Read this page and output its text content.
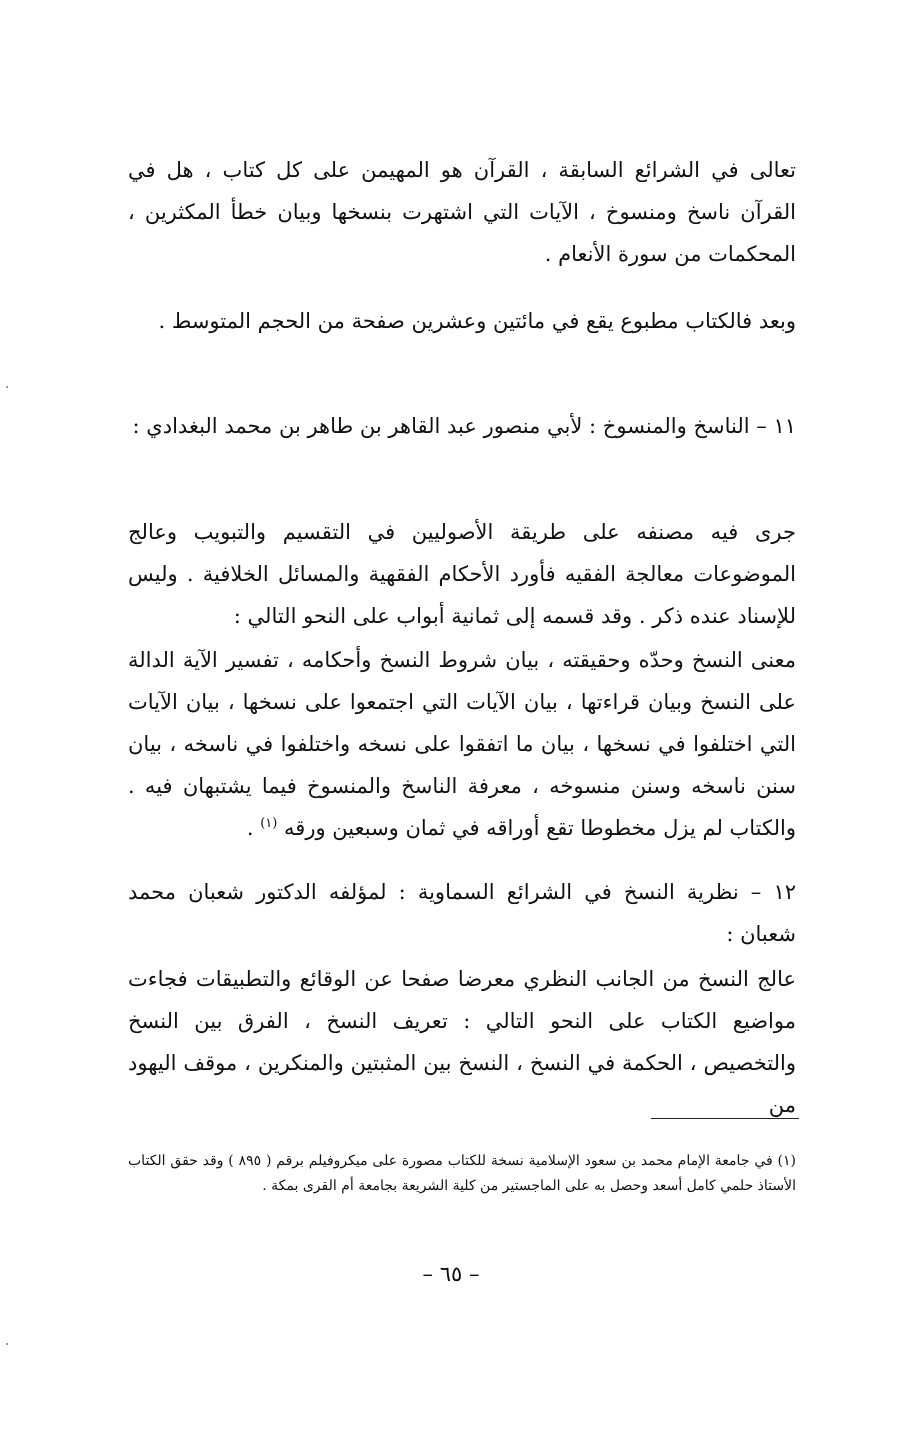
تعالى في الشرائع السابقة ، القرآن هو المهيمن على كل كتاب ، هل في القرآن ناسخ ومنسوخ ، الآيات التي اشتهرت بنسخها وبيان خطأ المكثرين ، المحكمات من سورة الأنعام .

وبعد فالكتاب مطبوع يقع في مائتين وعشرين صفحة من الحجم المتوسط .

١١ – الناسخ والمنسوخ : لأبي منصور عبد القاهر بن طاهر بن محمد البغدادي :

جرى فيه مصنفه على طريقة الأصوليين في التقسيم والتبويب وعالج الموضوعات معالجة الفقيه فأورد الأحكام الفقهية والمسائل الخلافية . وليس للإسناد عنده ذكر . وقد قسمه إلى ثمانية أبواب على النحو التالي :

معنى النسخ وحدّه وحقيقته ، بيان شروط النسخ وأحكامه ، تفسير الآية الدالة على النسخ وبيان قراءتها ، بيان الآيات التي اجتمعوا على نسخها ، بيان الآيات التي اختلفوا في نسخها ، بيان ما اتفقوا على نسخه واختلفوا في ناسخه ، بيان سنن ناسخه وسنن منسوخه ، معرفة الناسخ والمنسوخ فيما يشتبهان فيه . والكتاب لم يزل مخطوطا تقع أوراقه في ثمان وسبعين ورقه $^{(١)}$ .

١٢ – نظرية النسخ في الشرائع السماوية : لمؤلفه الدكتور شعبان محمد شعبان :

عالج النسخ من الجانب النظري معرضا صفحا عن الوقائع والتطبيقات فجاءت مواضيع الكتاب على النحو التالي : تعريف النسخ ، الفرق بين النسخ والتخصيص ، الحكمة في النسخ ، النسخ بين المثبتين والمنكرين ، موقف اليهود من

(١) في جامعة الإمام محمد بن سعود الإسلامية نسخة للكتاب مصورة على ميكروفيلم برقم ( ٨٩٥ ) وقد حقق الكتاب الأستاذ حلمي كامل أسعد وحصل به على الماجستير من كلية الشريعة بجامعة أم القرى بمكة .

– ٦٥ –
